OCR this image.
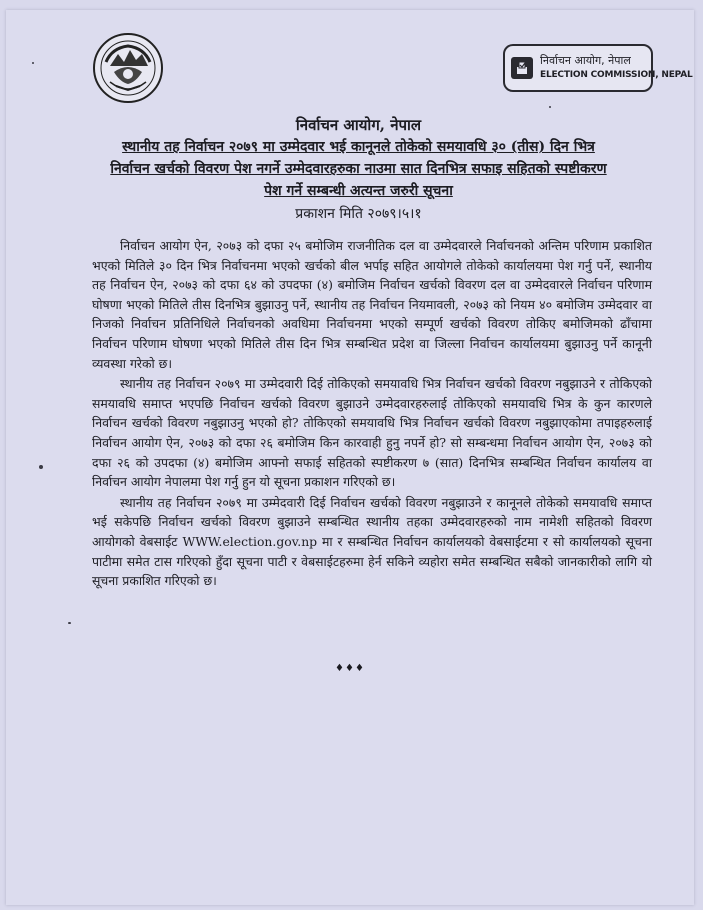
निर्वाचन आयोग, नेपाल
ELECTION COMMISSION, NEPAL
निर्वाचन आयोग, नेपाल
स्थानीय तह निर्वाचन २०७९ मा उम्मेदवार भई कानूनले तोकेको समयावधि ३० (तीस) दिन भित्र
निर्वाचन खर्चको विवरण पेश नगर्ने उम्मेदवारहरुका नाउमा सात दिनभित्र सफाइ सहितको स्पष्टीकरण
पेश गर्ने सम्बन्धी अत्यन्त जरुरी सूचना
प्रकाशन मिति २०७९।५।१

निर्वाचन आयोग ऐन, २०७३ को दफा २५ बमोजिम राजनीतिक दल वा उम्मेदवारले निर्वाचनको अन्तिम परिणाम प्रकाशित भएको मितिले ३० दिन भित्र निर्वाचनमा भएको खर्चको बील भर्पाइ सहित आयोगले तोकेको कार्यालयमा पेश गर्नु पर्ने, स्थानीय तह निर्वाचन ऐन, २०७३ को दफा ६४ को उपदफा (४) बमोजिम निर्वाचन खर्चको विवरण दल वा उम्मेदवारले निर्वाचन परिणाम घोषणा भएको मितिले तीस दिनभित्र बुझाउनु पर्ने, स्थानीय तह निर्वाचन नियमावली, २०७३ को नियम ४० बमोजिम उम्मेदवार वा निजको निर्वाचन प्रतिनिधिले निर्वाचनको अवधिमा निर्वाचनमा भएको सम्पूर्ण खर्चको विवरण तोकिए बमोजिमको ढाँचामा निर्वाचन परिणाम घोषणा भएको मितिले तीस दिन भित्र सम्बन्धित प्रदेश वा जिल्ला निर्वाचन कार्यालयमा बुझाउनु पर्ने कानूनी व्यवस्था गरेको छ।

स्थानीय तह निर्वाचन २०७९ मा उम्मेदवारी दिई तोकिएको समयावधि भित्र निर्वाचन खर्चको विवरण नबुझाउने र तोकिएको समयावधि समाप्त भएपछि निर्वाचन खर्चको विवरण बुझाउने उम्मेदवारहरुलाई तोकिएको समयावधि भित्र के कुन कारणले निर्वाचन खर्चको विवरण नबुझाउनु भएको हो? तोकिएको समयावधि भित्र निर्वाचन खर्चको विवरण नबुझाएकोमा तपाइहरुलाई निर्वाचन आयोग ऐन, २०७३ को दफा २६ बमोजिम किन कारवाही हुनु नपर्ने हो? सो सम्बन्धमा निर्वाचन आयोग ऐन, २०७३ को दफा २६ को उपदफा (४) बमोजिम आफ्नो सफाई सहितको स्पष्टीकरण ७ (सात) दिनभित्र सम्बन्धित निर्वाचन कार्यालय वा निर्वाचन आयोग नेपालमा पेश गर्नु हुन यो सूचना प्रकाशन गरिएको छ।

स्थानीय तह निर्वाचन २०७९ मा उम्मेदवारी दिई निर्वाचन खर्चको विवरण नबुझाउने र कानूनले तोकेको समयावधि समाप्त भई सकेपछि निर्वाचन खर्चको विवरण बुझाउने सम्बन्धित स्थानीय तहका उम्मेदवारहरुको नाम नामेशी सहितको विवरण आयोगको वेबसाईट WWW.election.gov.np मा र सम्बन्धित निर्वाचन कार्यालयको वेबसाईटमा र सो कार्यालयको सूचना पाटीमा समेत टास गरिएको हुँदा सूचना पाटी र वेबसाईटहरुमा हेर्न सकिने व्यहोरा समेत सम्बन्धित सबैको जानकारीको लागि यो सूचना प्रकाशित गरिएको छ।

♦♦♦
